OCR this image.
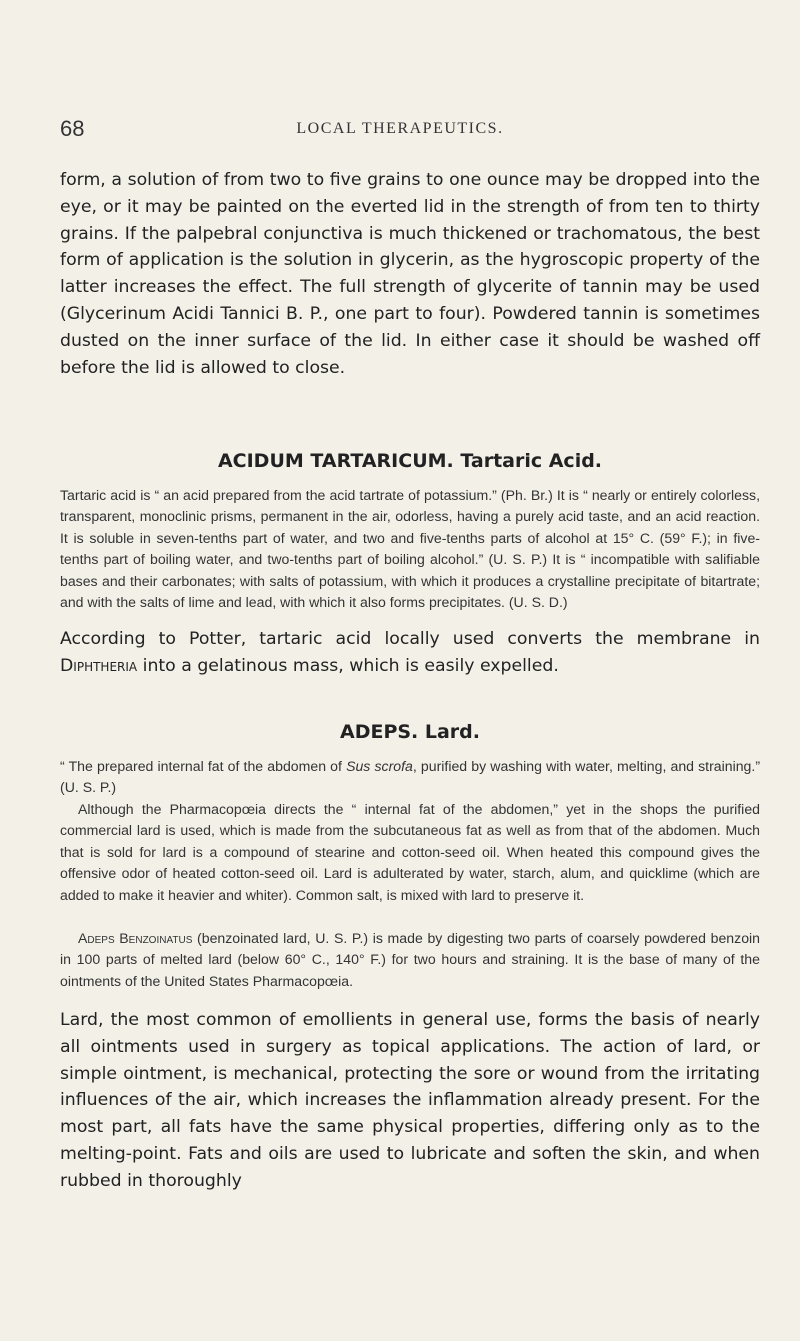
68	LOCAL THERAPEUTICS.

form, a solution of from two to five grains to one ounce may be dropped into the eye, or it may be painted on the everted lid in the strength of from ten to thirty grains. If the palpebral conjunctiva is much thickened or trachomatous, the best form of application is the solution in glycerin, as the hygroscopic property of the latter increases the effect. The full strength of glycerite of tannin may be used (Glycerinum Acidi Tannici B. P., one part to four). Powdered tannin is sometimes dusted on the inner surface of the lid. In either case it should be washed off before the lid is allowed to close.

ACIDUM TARTARICUM. Tartaric Acid.

Tartaric acid is “ an acid prepared from the acid tartrate of potassium.” (Ph. Br.) It is “ nearly or entirely colorless, transparent, monoclinic prisms, permanent in the air, odorless, having a purely acid taste, and an acid reaction. It is soluble in seven-tenths part of water, and two and five-tenths parts of alcohol at 15° C. (59° F.); in five-tenths part of boiling water, and two-tenths part of boiling alcohol.” (U. S. P.) It is “ incompatible with salifiable bases and their carbonates; with salts of potassium, with which it produces a crystalline precipitate of bitartrate; and with the salts of lime and lead, with which it also forms precipitates. (U. S. D.)

According to Potter, tartaric acid locally used converts the membrane in Diphtheria into a gelatinous mass, which is easily expelled.

ADEPS. Lard.

“ The prepared internal fat of the abdomen of Sus scrofa, purified by washing with water, melting, and straining.” (U. S. P.)

Although the Pharmacopœia directs the “ internal fat of the abdomen,” yet in the shops the purified commercial lard is used, which is made from the subcutaneous fat as well as from that of the abdomen. Much that is sold for lard is a compound of stearine and cotton-seed oil. When heated this compound gives the offensive odor of heated cotton-seed oil. Lard is adulterated by water, starch, alum, and quicklime (which are added to make it heavier and whiter). Common salt, is mixed with lard to preserve it.

Adeps Benzoinatus (benzoinated lard, U. S. P.) is made by digesting two parts of coarsely powdered benzoin in 100 parts of melted lard (below 60° C., 140° F.) for two hours and straining. It is the base of many of the ointments of the United States Pharmacopœia.

Lard, the most common of emollients in general use, forms the basis of nearly all ointments used in surgery as topical applications. The action of lard, or simple ointment, is mechanical, protecting the sore or wound from the irritating influences of the air, which increases the inflammation already present. For the most part, all fats have the same physical properties, differing only as to the melting-point. Fats and oils are used to lubricate and soften the skin, and when rubbed in thoroughly
